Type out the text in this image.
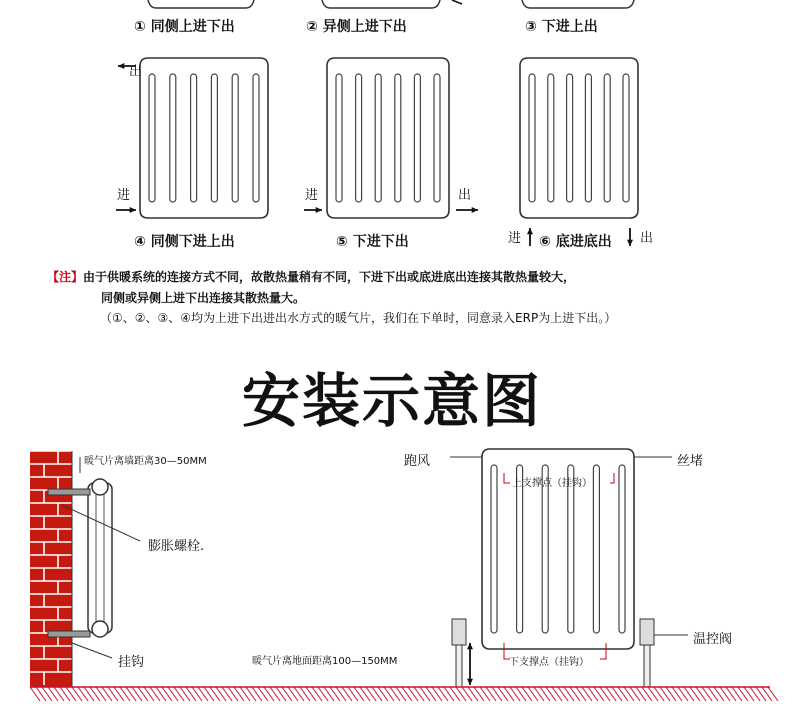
① 同侧上进下出	② 异侧上进下出	③ 下进上出
出
进	进	出
进	出
④ 同侧下进上出	⑤ 下进下出	⑥ 底进底出
【注】由于供暖系统的连接方式不同，故散热量稍有不同，下进下出或底进底出连接其散热量较大，
同侧或异侧上进下出连接其散热量大。
（①、②、③、④均为上进下出进出水方式的暖气片，我们在下单时，同意录入ERP为上进下出。）
安装示意图
暖气片离墙距离30—50MM
膨胀螺栓.
挂钩	暖气片离地面距离100—150MM
跑风	丝堵
上支撑点（挂钩）
下支撑点（挂钩）
温控阀
